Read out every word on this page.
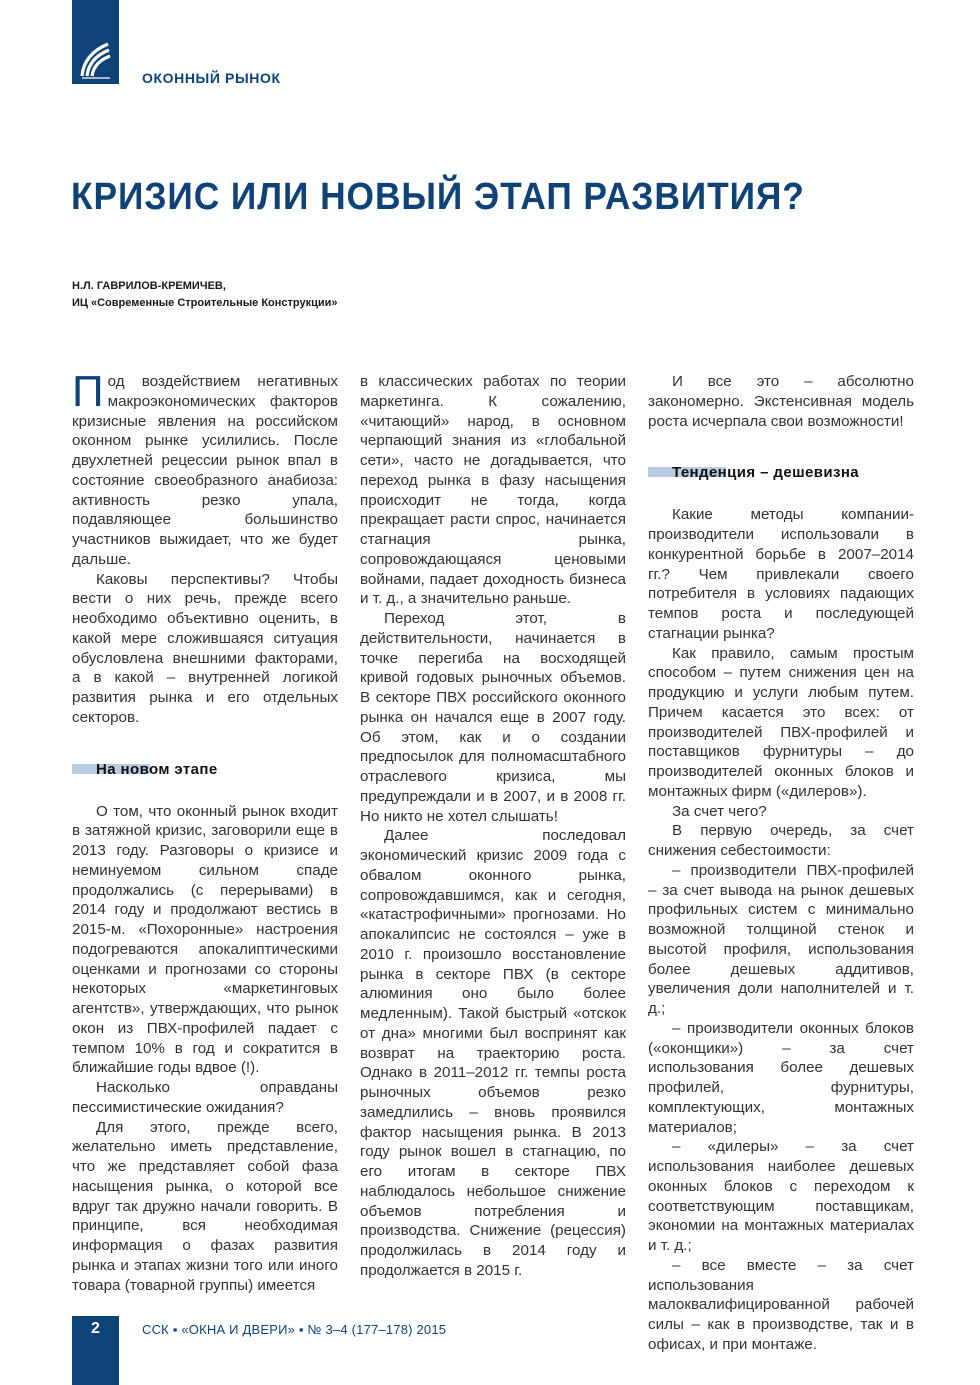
ОКОННЫЙ РЫНОК
КРИЗИС ИЛИ НОВЫЙ ЭТАП РАЗВИТИЯ?
Н.Л. ГАВРИЛОВ-КРЕМИЧЕВ,
ИЦ «Современные Строительные Конструкции»

Под воздействием негативных макроэкономических факторов кризисные явления на российском оконном рынке усилились. После двухлетней рецессии рынок впал в состояние своеобразного анабиоза: активность резко упала, подавляющее большинство участников выжидает, что же будет дальше.

Каковы перспективы? Чтобы вести о них речь, прежде всего необходимо объективно оценить, в какой мере сложившаяся ситуация обусловлена внешними факторами, а в какой – внутренней логикой развития рынка и его отдельных секторов.

На новом этапе

О том, что оконный рынок входит в затяжной кризис, заговорили еще в 2013 году. Разговоры о кризисе и неминуемом сильном спаде продолжались (с перерывами) в 2014 году и продолжают вестись в 2015-м. «Похоронные» настроения подогреваются апокалиптическими оценками и прогнозами со стороны некоторых «маркетинговых агентств», утверждающих, что рынок окон из ПВХ-профилей падает с темпом 10% в год и сократится в ближайшие годы вдвое (!).

Насколько оправданы пессимистические ожидания?

Для этого, прежде всего, желательно иметь представление, что же представляет собой фаза насыщения рынка, о которой все вдруг так дружно начали говорить. В принципе, вся необходимая информация о фазах развития рынка и этапах жизни того или иного товара (товарной группы) имеется

в классических работах по теории маркетинга. К сожалению, «читающий» народ, в основном черпающий знания из «глобальной сети», часто не догадывается, что переход рынка в фазу насыщения происходит не тогда, когда прекращает расти спрос, начинается стагнация рынка, сопровождающаяся ценовыми войнами, падает доходность бизнеса и т. д., а значительно раньше.

Переход этот, в действительности, начинается в точке перегиба на восходящей кривой годовых рыночных объемов. В секторе ПВХ российского оконного рынка он начался еще в 2007 году. Об этом, как и о создании предпосылок для полномасштабного отраслевого кризиса, мы предупреждали и в 2007, и в 2008 гг. Но никто не хотел слышать!

Далее последовал экономический кризис 2009 года с обвалом оконного рынка, сопровождавшимся, как и сегодня, «катастрофичными» прогнозами. Но апокалипсис не состоялся – уже в 2010 г. произошло восстановление рынка в секторе ПВХ (в секторе алюминия оно было более медленным). Такой быстрый «отскок от дна» многими был воспринят как возврат на траекторию роста. Однако в 2011–2012 гг. темпы роста рыночных объемов резко замедлились – вновь проявился фактор насыщения рынка. В 2013 году рынок вошел в стагнацию, по его итогам в секторе ПВХ наблюдалось небольшое снижение объемов потребления и производства. Снижение (рецессия) продолжилась в 2014 году и продолжается в 2015 г.

И все это – абсолютно закономерно. Экстенсивная модель роста исчерпала свои возможности!

Тенденция – дешевизна

Какие методы компании-производители использовали в конкурентной борьбе в 2007–2014 гг.? Чем привлекали своего потребителя в условиях падающих темпов роста и последующей стагнации рынка?

Как правило, самым простым способом – путем снижения цен на продукцию и услуги любым путем. Причем касается это всех: от производителей ПВХ-профилей и поставщиков фурнитуры – до производителей оконных блоков и монтажных фирм («дилеров»).

За счет чего?

В первую очередь, за счет снижения себестоимости:

– производители ПВХ-профилей – за счет вывода на рынок дешевых профильных систем с минимально возможной толщиной стенок и высотой профиля, использования более дешевых аддитивов, увеличения доли наполнителей и т. д.;

– производители оконных блоков («оконщики») – за счет использования более дешевых профилей, фурнитуры, комплектующих, монтажных материалов;

– «дилеры» – за счет использования наиболее дешевых оконных блоков с переходом к соответствующим поставщикам, экономии на монтажных материалах и т. д.;

– все вместе – за счет использования малоквалифицированной рабочей силы – как в производстве, так и в офисах, и при монтаже.

2	ССК ▪ «ОКНА И ДВЕРИ» ▪ № 3–4 (177–178) 2015
